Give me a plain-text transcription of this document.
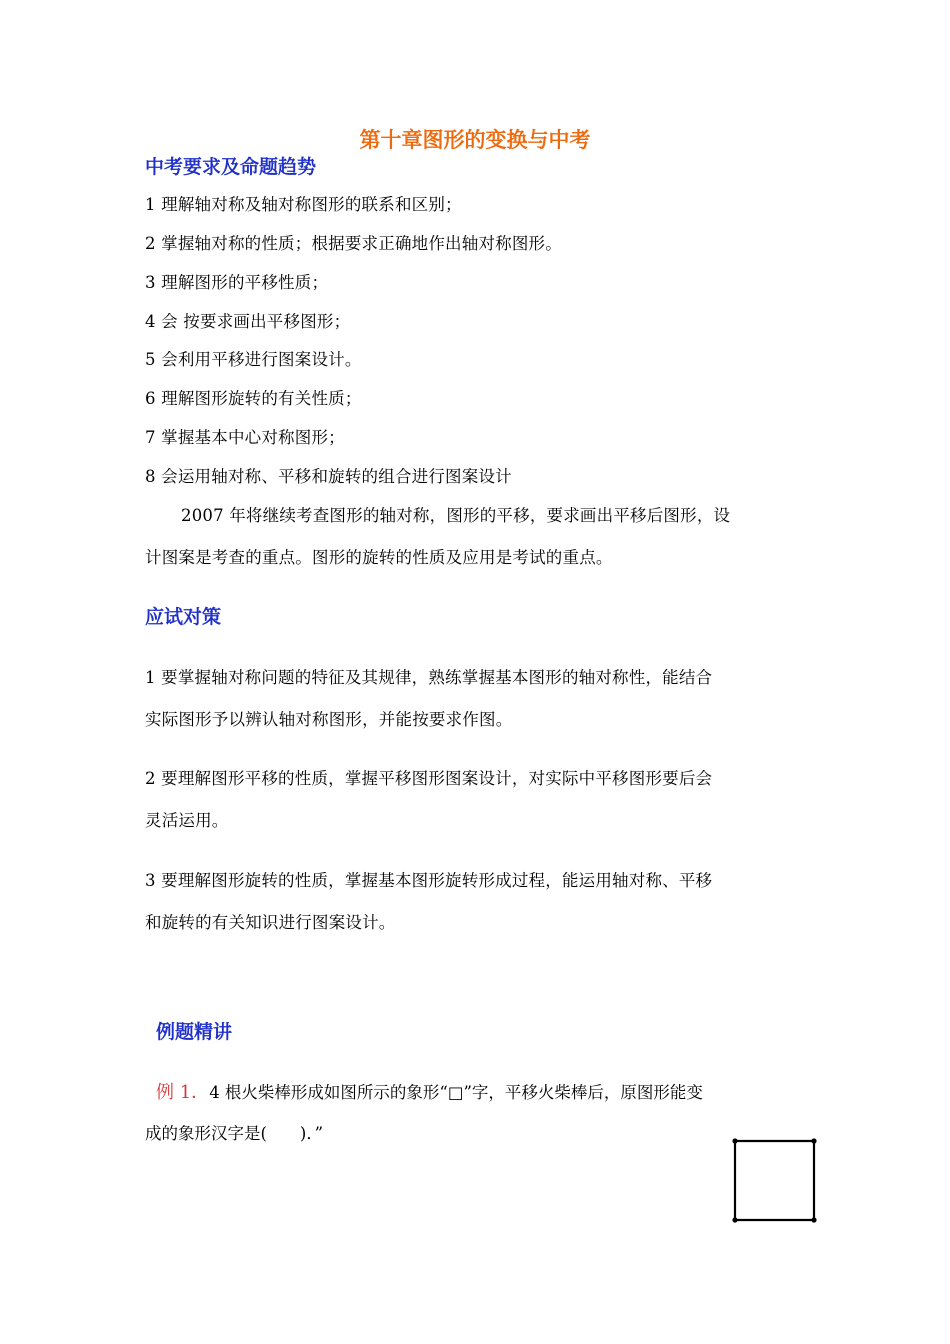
第十章图形的变换与中考
中考要求及命题趋势
1 理解轴对称及轴对称图形的联系和区别；
2 掌握轴对称的性质；根据要求正确地作出轴对称图形。
3 理解图形的平移性质；
4 会 按要求画出平移图形；
5 会利用平移进行图案设计。
6 理解图形旋转的有关性质；
7 掌握基本中心对称图形；
8 会运用轴对称、平移和旋转的组合进行图案设计
2007 年将继续考查图形的轴对称，图形的平移，要求画出平移后图形，设
计图案是考查的重点。图形的旋转的性质及应用是考试的重点。
应试对策
1 要掌握轴对称问题的特征及其规律，熟练掌握基本图形的轴对称性，能结合
实际图形予以辨认轴对称图形，并能按要求作图。
2 要理解图形平移的性质，掌握平移图形图案设计，对实际中平移图形要后会
灵活运用。
3 要理解图形旋转的性质，掌握基本图形旋转形成过程，能运用轴对称、平移
和旋转的有关知识进行图案设计。
例题精讲
例 1．4 根火柴棒形成如图所示的象形“□”字，平移火柴棒后，原图形能变
成的象形汉字是(　　)．”
